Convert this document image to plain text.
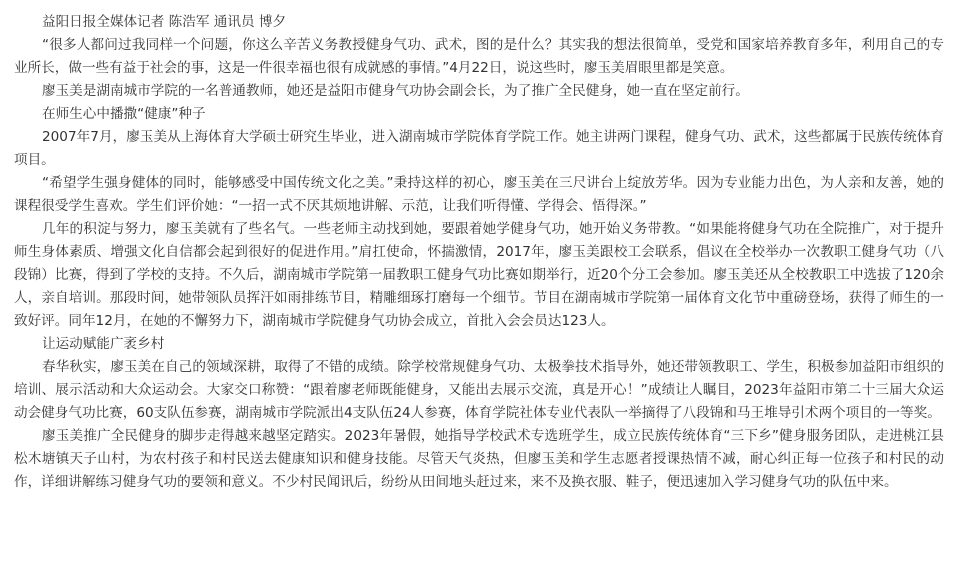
益阳日报全媒体记者 陈浩军 通讯员 博夕

“很多人都问过我同样一个问题，你这么辛苦义务教授健身气功、武术，图的是什么？其实我的想法很简单，受党和国家培养教育多年，利用自己的专业所长，做一些有益于社会的事，这是一件很幸福也很有成就感的事情。”4月22日，说这些时，廖玉美眉眼里都是笑意。

廖玉美是湖南城市学院的一名普通教师，她还是益阳市健身气功协会副会长，为了推广全民健身，她一直在坚定前行。

在师生心中播撒“健康”种子

2007年7月，廖玉美从上海体育大学硕士研究生毕业，进入湖南城市学院体育学院工作。她主讲两门课程，健身气功、武术，这些都属于民族传统体育项目。

“希望学生强身健体的同时，能够感受中国传统文化之美。”秉持这样的初心，廖玉美在三尺讲台上绽放芳华。因为专业能力出色，为人亲和友善，她的课程很受学生喜欢。学生们评价她：“一招一式不厌其烦地讲解、示范，让我们听得懂、学得会、悟得深。”

几年的积淀与努力，廖玉美就有了些名气。一些老师主动找到她，要跟着她学健身气功，她开始义务带教。“如果能将健身气功在全院推广，对于提升师生身体素质、增强文化自信都会起到很好的促进作用。”肩扛使命，怀揣激情，2017年，廖玉美跟校工会联系，倡议在全校举办一次教职工健身气功（八段锦）比赛，得到了学校的支持。不久后，湖南城市学院第一届教职工健身气功比赛如期举行，近20个分工会参加。廖玉美还从全校教职工中选拔了120余人，亲自培训。那段时间，她带领队员挥汗如雨排练节目，精雕细琢打磨每一个细节。节目在湖南城市学院第一届体育文化节中重磅登场，获得了师生的一致好评。同年12月，在她的不懈努力下，湖南城市学院健身气功协会成立，首批入会会员达123人。

让运动赋能广袤乡村

春华秋实，廖玉美在自己的领域深耕，取得了不错的成绩。除学校常规健身气功、太极拳技术指导外，她还带领教职工、学生，积极参加益阳市组织的培训、展示活动和大众运动会。大家交口称赞：“跟着廖老师既能健身，又能出去展示交流，真是开心！”成绩让人瞩目，2023年益阳市第二十三届大众运动会健身气功比赛，60支队伍参赛，湖南城市学院派出4支队伍24人参赛，体育学院社体专业代表队一举摘得了八段锦和马王堆导引术两个项目的一等奖。

廖玉美推广全民健身的脚步走得越来越坚定踏实。2023年暑假，她指导学校武术专选班学生，成立民族传统体育“三下乡”健身服务团队，走进桃江县松木塘镇天子山村，为农村孩子和村民送去健康知识和健身技能。尽管天气炎热，但廖玉美和学生志愿者授课热情不减，耐心纠正每一位孩子和村民的动作，详细讲解练习健身气功的要领和意义。不少村民闻讯后，纷纷从田间地头赶过来，来不及换衣服、鞋子，便迅速加入学习健身气功的队伍中来。
